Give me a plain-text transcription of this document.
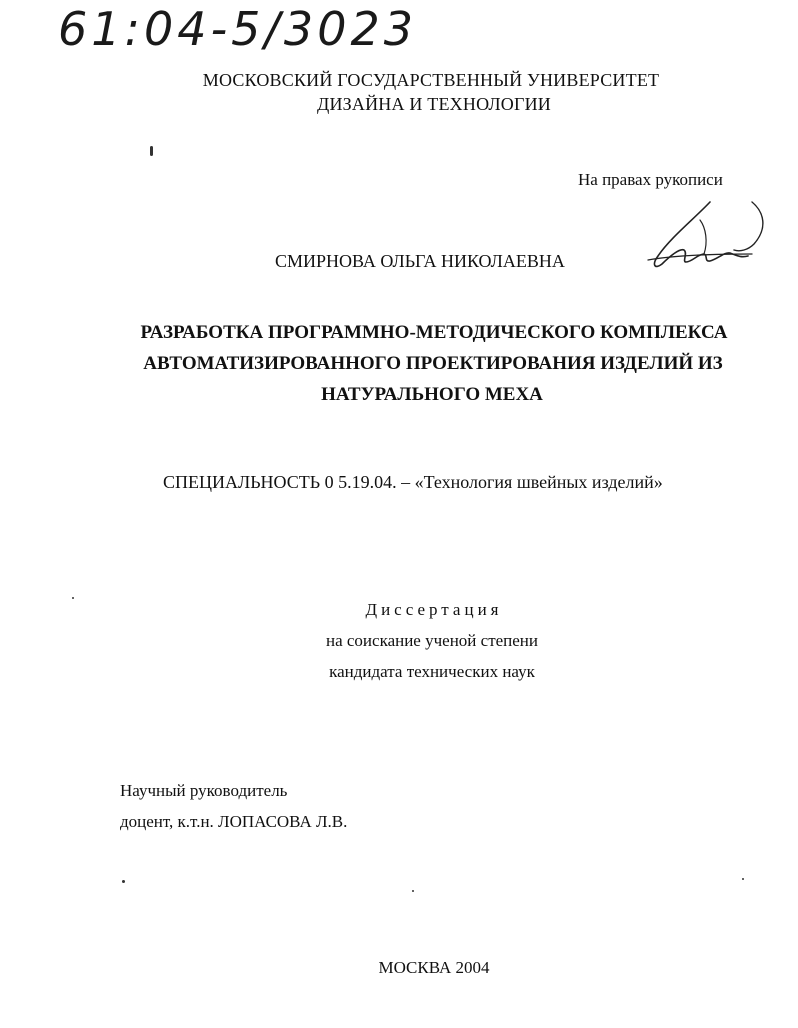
61:04-5/3023
МОСКОВСКИЙ ГОСУДАРСТВЕННЫЙ УНИВЕРСИТЕТ
ДИЗАЙНА И ТЕХНОЛОГИИ
На правах рукописи
СМИРНОВА ОЛЬГА НИКОЛАЕВНА
РАЗРАБОТКА ПРОГРАММНО-МЕТОДИЧЕСКОГО КОМПЛЕКСА
АВТОМАТИЗИРОВАННОГО ПРОЕКТИРОВАНИЯ ИЗДЕЛИЙ ИЗ
НАТУРАЛЬНОГО МЕХА
СПЕЦИАЛЬНОСТЬ 0 5.19.04. – «Технология швейных изделий»
Диссертация
на соискание ученой степени
кандидата технических наук
Научный руководитель
доцент, к.т.н. ЛОПАСОВА Л.В.
МОСКВА 2004
